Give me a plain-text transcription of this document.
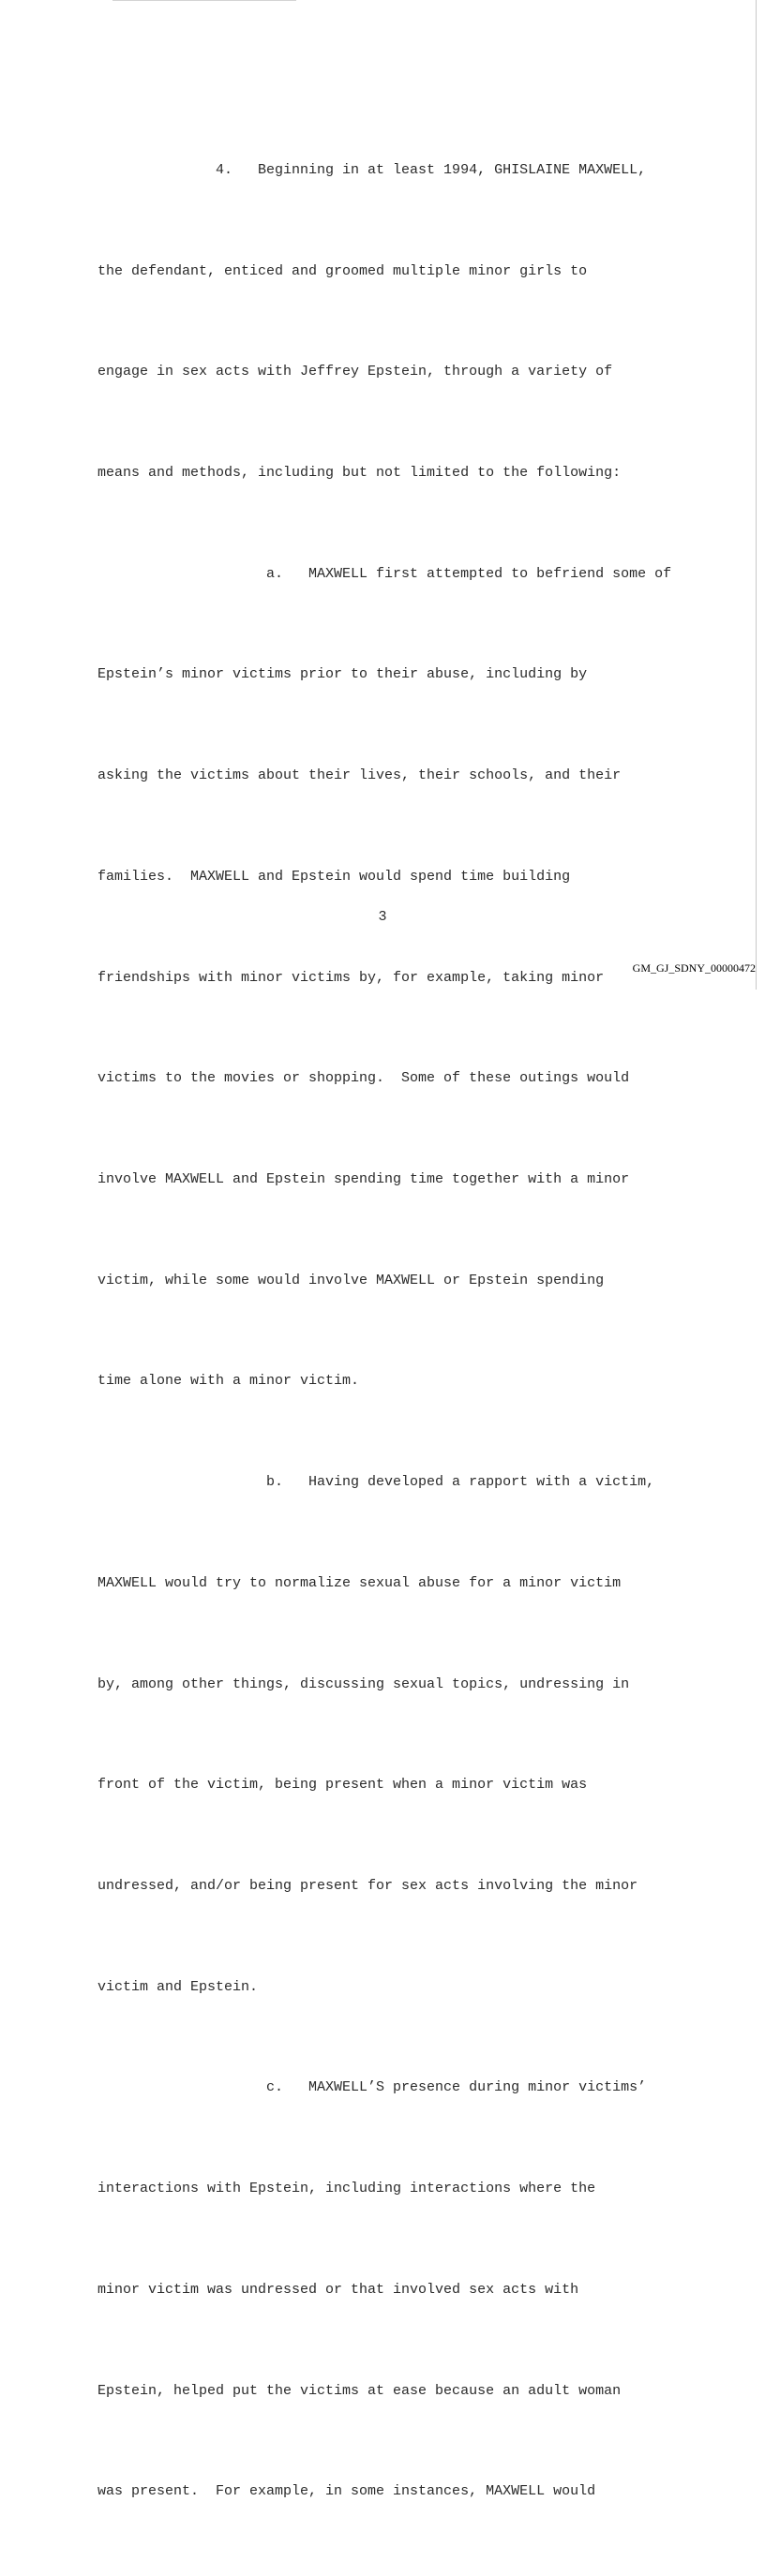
4.   Beginning in at least 1994, GHISLAINE MAXWELL,

the defendant, enticed and groomed multiple minor girls to

engage in sex acts with Jeffrey Epstein, through a variety of

means and methods, including but not limited to the following:

a.   MAXWELL first attempted to befriend some of

Epstein’s minor victims prior to their abuse, including by

asking the victims about their lives, their schools, and their

families.  MAXWELL and Epstein would spend time building

friendships with minor victims by, for example, taking minor

victims to the movies or shopping.  Some of these outings would

involve MAXWELL and Epstein spending time together with a minor

victim, while some would involve MAXWELL or Epstein spending

time alone with a minor victim.

b.   Having developed a rapport with a victim,

MAXWELL would try to normalize sexual abuse for a minor victim

by, among other things, discussing sexual topics, undressing in

front of the victim, being present when a minor victim was

undressed, and/or being present for sex acts involving the minor

victim and Epstein.

c.   MAXWELL’S presence during minor victims’

interactions with Epstein, including interactions where the

minor victim was undressed or that involved sex acts with

Epstein, helped put the victims at ease because an adult woman

was present.  For example, in some instances, MAXWELL would

3
GM_GJ_SDNY_00000472
